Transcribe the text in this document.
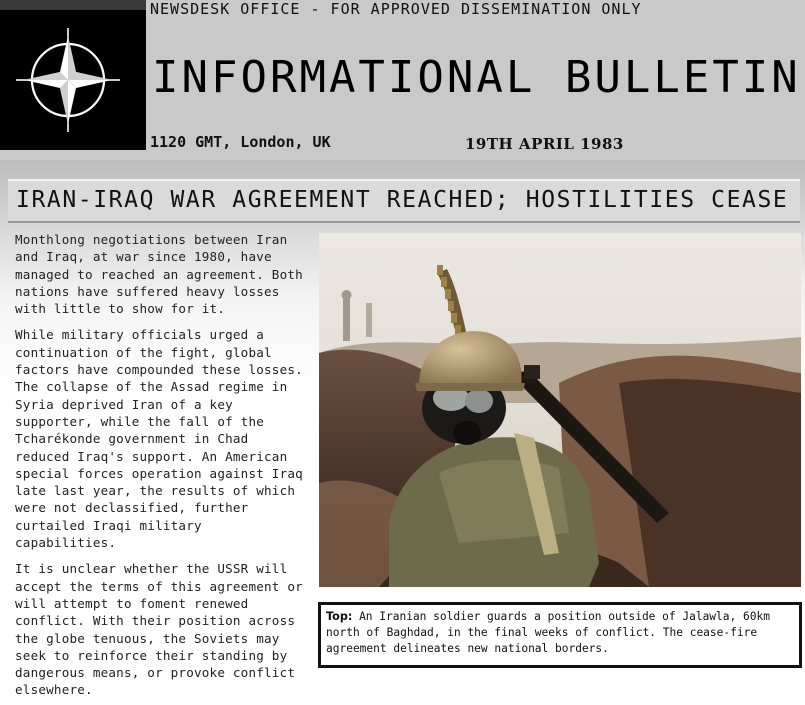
NEWSDESK OFFICE - FOR APPROVED DISSEMINATION ONLY
INFORMATIONAL BULLETIN
1120 GMT, London, UK	19TH APRIL 1983
IRAN-IRAQ WAR AGREEMENT REACHED; HOSTILITIES CEASE

Monthlong negotiations between Iran and Iraq, at war since 1980, have managed to reached an agreement. Both nations have suffered heavy losses with little to show for it.

While military officials urged a continuation of the fight, global factors have compounded these losses. The collapse of the Assad regime in Syria deprived Iran of a key supporter, while the fall of the Tcharékonde government in Chad reduced Iraq's support. An American special forces operation against Iraq late last year, the results of which were not declassified, further curtailed Iraqi military capabilities.

It is unclear whether the USSR will accept the terms of this agreement or will attempt to foment renewed conflict. With their position across the globe tenuous, the Soviets may seek to reinforce their standing by dangerous means, or provoke conflict elsewhere.

Top: An Iranian soldier guards a position outside of Jalawla, 60km north of Baghdad, in the final weeks of conflict. The cease-fire agreement delineates new national borders.
